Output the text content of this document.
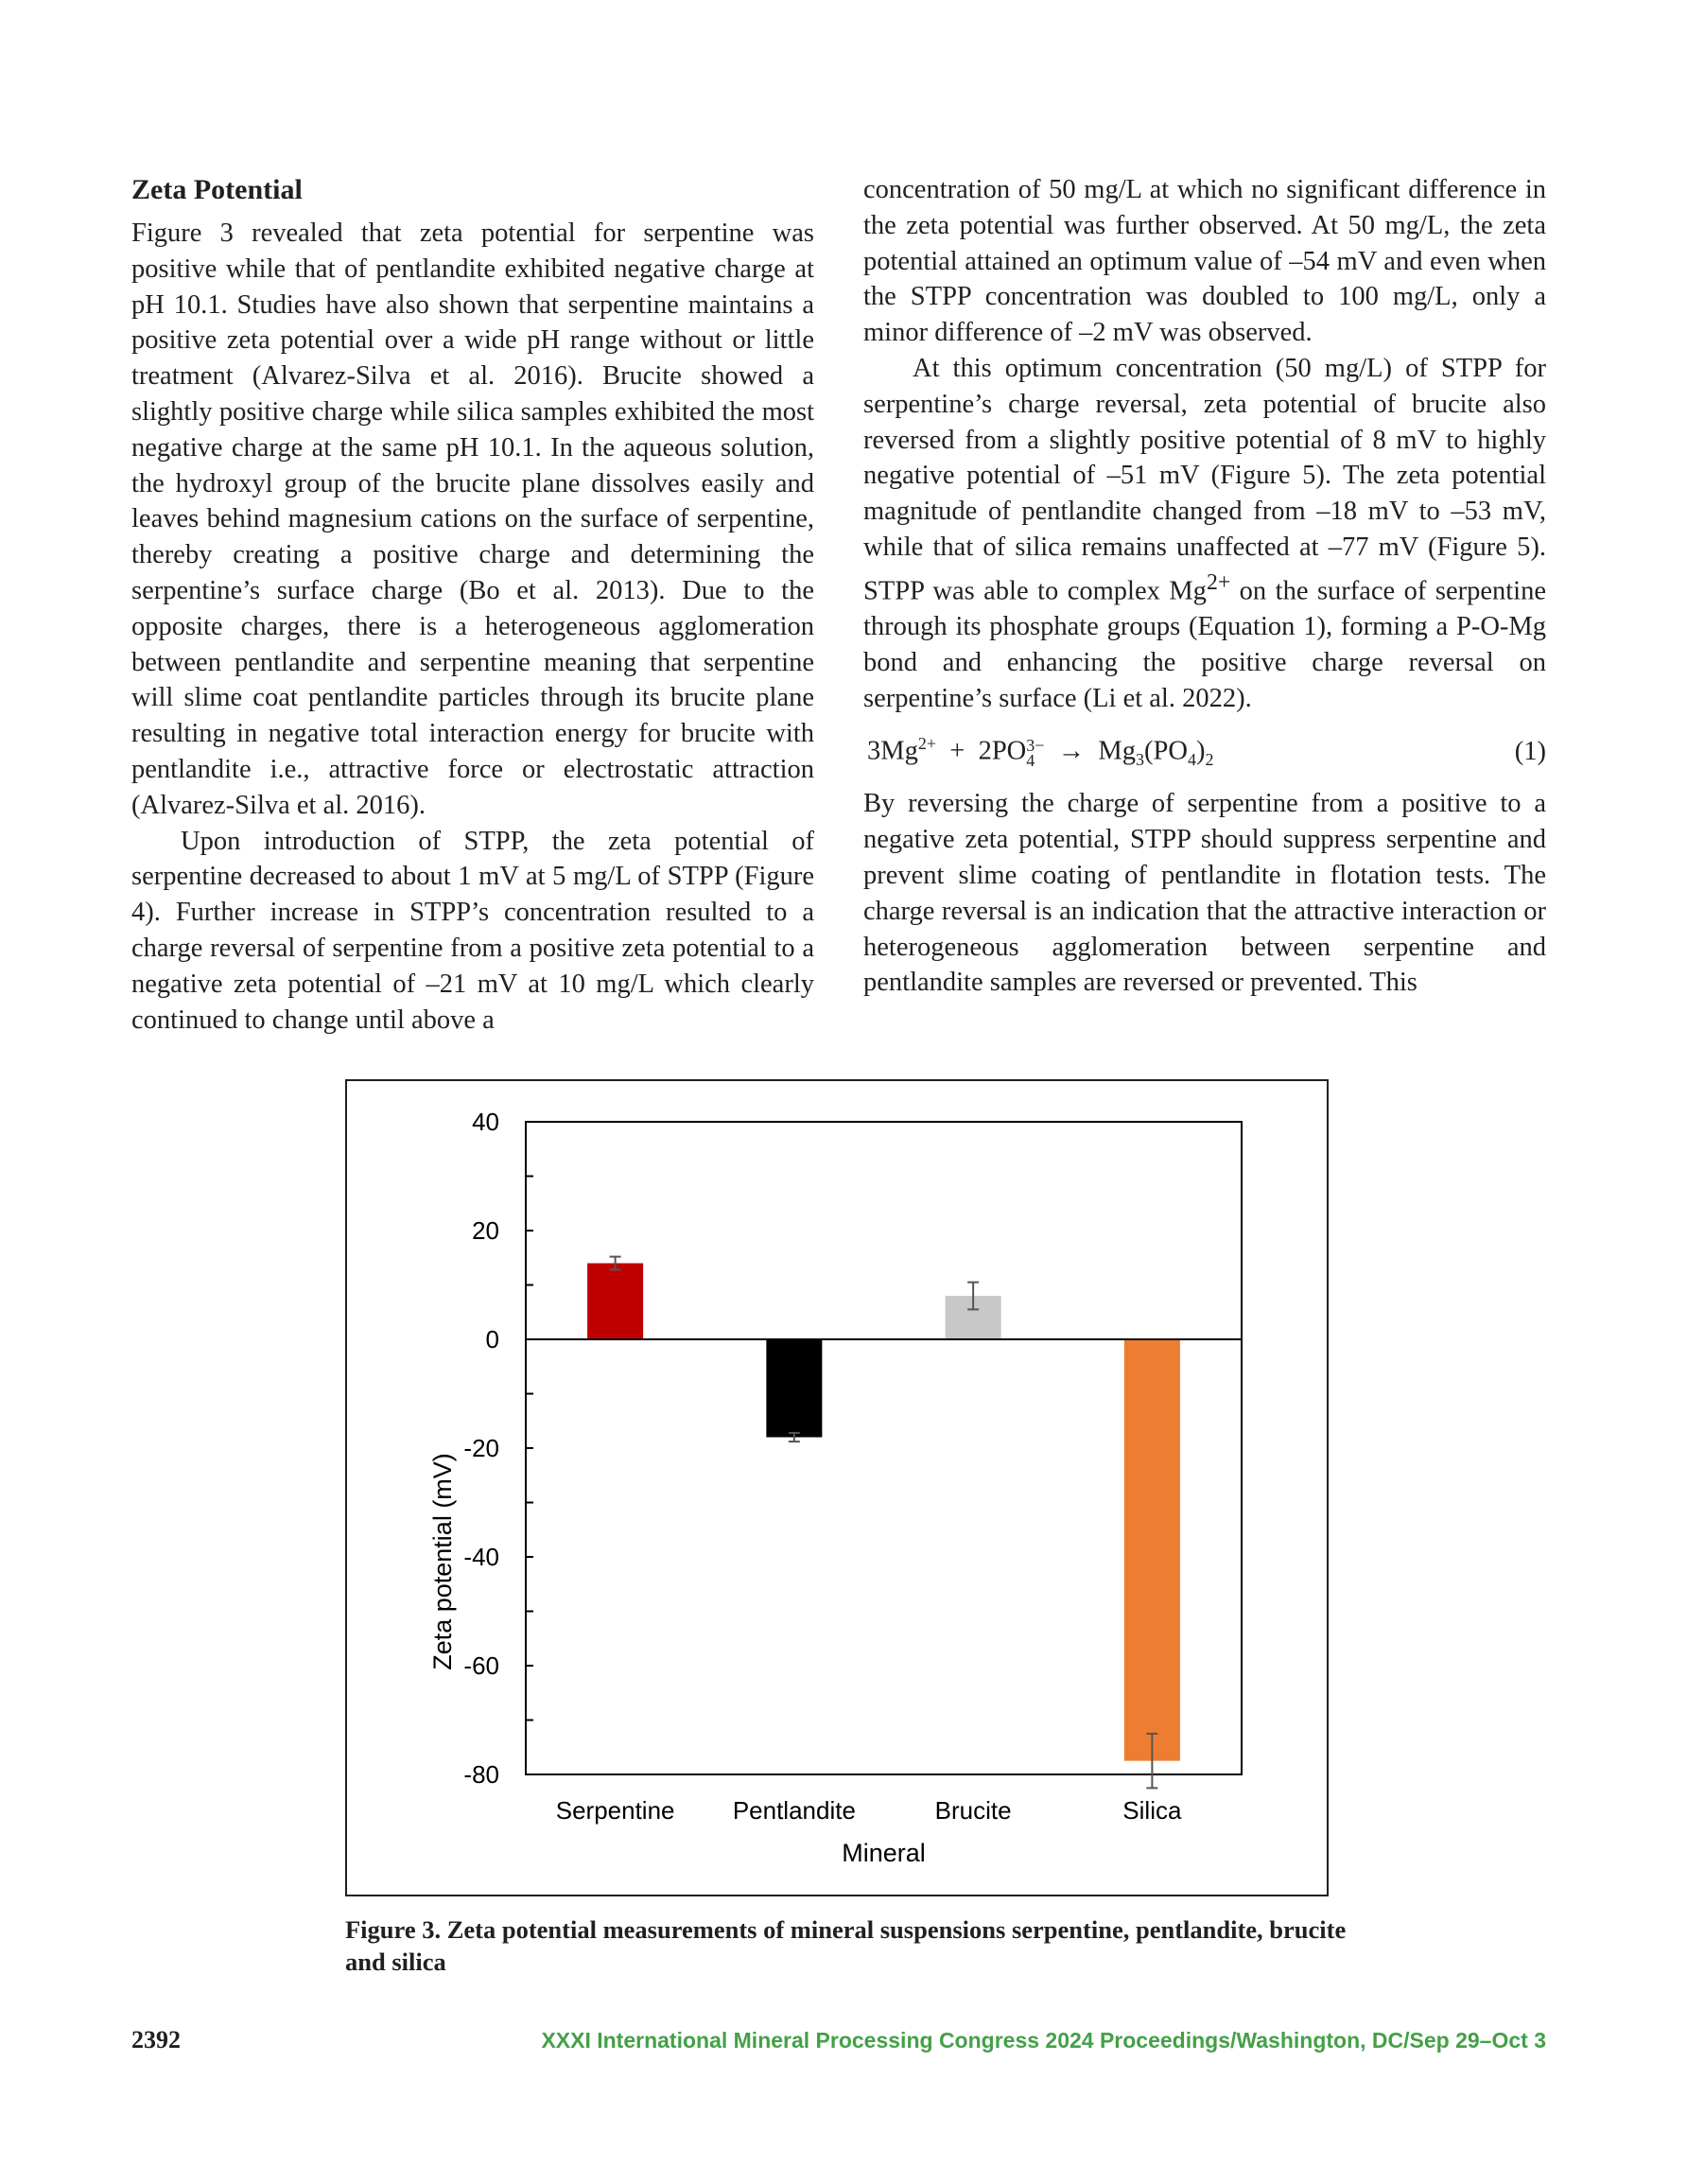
Zeta Potential

Figure 3 revealed that zeta potential for serpentine was positive while that of pentlandite exhibited negative charge at pH 10.1. Studies have also shown that serpentine maintains a positive zeta potential over a wide pH range without or little treatment (Alvarez-Silva et al. 2016). Brucite showed a slightly positive charge while silica samples exhibited the most negative charge at the same pH 10.1. In the aqueous solution, the hydroxyl group of the brucite plane dissolves easily and leaves behind magnesium cations on the surface of serpentine, thereby creating a positive charge and determining the serpentine’s surface charge (Bo et al. 2013). Due to the opposite charges, there is a heterogeneous agglomeration between pentlandite and serpentine meaning that serpentine will slime coat pentlandite particles through its brucite plane resulting in negative total interaction energy for brucite with pentlandite i.e., attractive force or electrostatic attraction (Alvarez-Silva et al. 2016).

Upon introduction of STPP, the zeta potential of serpentine decreased to about 1 mV at 5 mg/L of STPP (Figure 4). Further increase in STPP’s concentration resulted to a charge reversal of serpentine from a positive zeta potential to a negative zeta potential of –21 mV at 10 mg/L which clearly continued to change until above a

concentration of 50 mg/L at which no significant difference in the zeta potential was further observed. At 50 mg/L, the zeta potential attained an optimum value of –54 mV and even when the STPP concentration was doubled to 100 mg/L, only a minor difference of –2 mV was observed.

At this optimum concentration (50 mg/L) of STPP for serpentine’s charge reversal, zeta potential of brucite also reversed from a slightly positive potential of 8 mV to highly negative potential of –51 mV (Figure 5). The zeta potential magnitude of pentlandite changed from –18 mV to –53 mV, while that of silica remains unaffected at –77 mV (Figure 5). STPP was able to complex $Mg^{2+}$ on the surface of serpentine through its phosphate groups (Equation 1), forming a P-O-Mg bond and enhancing the positive charge reversal on serpentine’s surface (Li et al. 2022).

$3Mg^{2+} + 2PO$ 3−
$4 \to Mg_3(PO_4)_2$	(1)

By reversing the charge of serpentine from a positive to a negative zeta potential, STPP should suppress serpentine and prevent slime coating of pentlandite in flotation tests. The charge reversal is an indication that the attractive interaction or heterogeneous agglomeration between serpentine and pentlandite samples are reversed or prevented. This

40
20
0
-20
-40
-60
-80
Serpentine Pentlandite	Brucite	Silica
Mineral
Zeta potential (mV)
Figure 3. Zeta potential measurements of mineral suspensions serpentine, pentlandite, brucite and silica
2392	XXXI International Mineral Processing Congress 2024 Proceedings/Washington, DC/Sep 29–Oct 3
